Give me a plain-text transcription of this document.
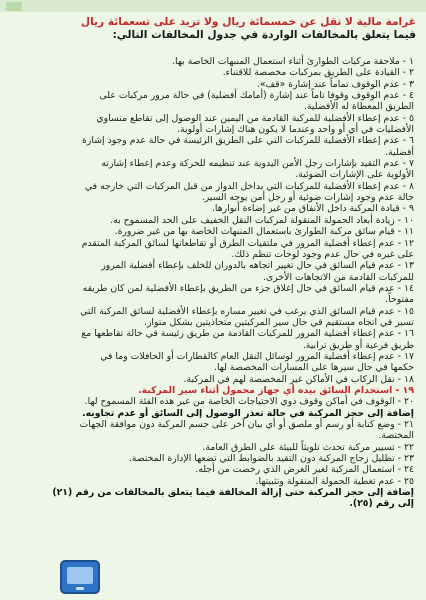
غرامة مالية لا تقل عن خمسمائة ريال ولا تزيد على تسعمائة ريال
فيما يتعلق بالمخالفات الواردة في جدول المخالفات التالي:
١ - ملاحقة مركبات الطوارئ أثناء استعمال المنبهات الخاصة بها.
٢ - القيادة على الطريق بمركبات مخصصة للاقتناء.
٣ - عدم الوقوف تماماً عند إشارة «قف».
٤ - عدم الوقوف وقوفا تاماً عند إشارة (أمامك أفضلية) في حالة مرور مركبات على
الطريق المعطاة له الأفضلية.
٥ - عدم إعطاء الأفضلية للمركبة القادمة من اليمين عند الوصول إلى تقاطع متساوي
الأفضليات في أي أو واحد وعندما لا يكون هناك إشارات أولوية.
٦ - عدم إعطاء الأفضلية للمركبات التي على الطريق الرئيسة في حالة عدم وجود إشارة
أفضلية.
٧ - عدم التقيد بإشارات رجل الأمن اليدوية عند تنظيمه للحركة وعدم إعطاء إشارته
الأولوية على الإشارات الضوئية.
٨ - عدم إعطاء الأفضلية للمركبات التي بداخل الدوار من قبل المركبات التي خارجه في
حالة عدم وجود إشارات ضوئية أو رجل أمن يوجه السير.
٩ - قيادة المركبة داخل الأنفاق من غير إضاءة أنوارها.
١٠ - زيادة أبعاد الحمولة المنقولة لمركبات النقل الخفيف على الحد المسموح به.
١١ - قيام سائق مركبة الطوارئ باستعمال المنبهات الخاصة بها من غير ضرورة.
١٢ - عدم إعطاء أفضلية المرور في ملتقيات الطرق أو تقاطعاتها لسائق المركبة المتقدم
على غيره في حال عدم وجود لوحات تنظم ذلك.
١٣ - عدم قيام السائق في حال تغيير اتجاهه بالدوران للخلف بإعطاء أفضلية المرور
للمركبات القادمة من الاتجاهات الأخرى.
١٤ - عدم قيام السائق في حال إغلاق جزء من الطريق بإعطاء الأفضلية لمن كان طريقه
مفتوحاً.
١٥ - عدم قيام السائق الذي يرغب في تغيير مساره بإعطاء الأفضلية لسائق المركبة التي
تسير في اتجاه مستقيم في حال سير المركبتين متحاذيتين بشكل متواز.
١٦ - عدم إعطاء أفضلية المرور للمركبات القادمة من طريق رئيسة في حالة تقاطعها مع
طريق فرعية أو طريق ترابية.
١٧ - عدم إعطاء أفضلية المرور لوسائل النقل العام كالقطارات أو الحافلات وما في
حكمها في حال سيرها على المسارات المخصصة لها.
١٨ - نقل الركاب في الأماكن غير المخصصة لهم في المركبة.
١٩ - استخدام السائق بيده أي جهاز محمول أثناء سير المركبة.
٢٠ - الوقوف في أماكن وقوف ذوي الاحتياجات الخاصة من غير هذه الفئة المسموح لها.
إضافة إلى حجز المركبة في حالة تعذر الوصول إلى السائق أو عدم تجاوبه.
٢١ - وضع كتابة أو رسم أو ملصق أو أي بيان آخر على جسم المركبة دون موافقة الجهات
المختصة.
٢٢ - تسيير مركبة تحدث تلويثاً للبيئة على الطرق العامة.
٢٣ - تظليل زجاج المركبة دون التقيد بالضوابط التي تضعها الإدارة المختصة.
٢٤ - استعمال المركبة لغير الغرض الذي رخصت من أجله.
٢٥ - عدم تغطية الحمولة المنقولة وتثبيتها.
إضافة إلى حجز المركبة حتى إزالة المخالفة فيما يتعلق بالمخالفات من رقم (٢١)
إلى رقم (٢٥).
